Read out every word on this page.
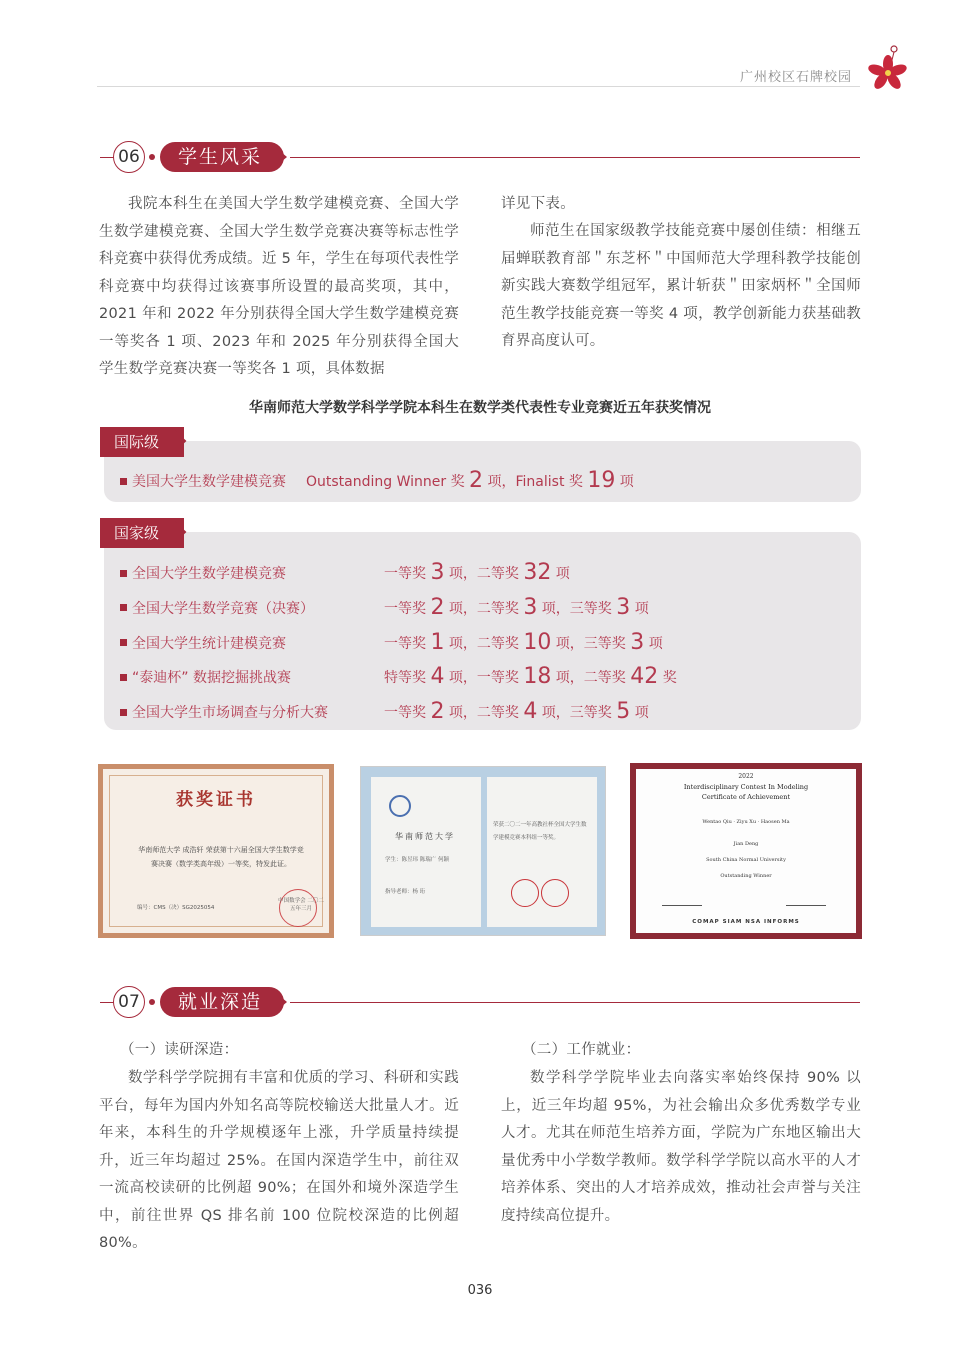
广州校区石牌校园
06	学生风采
我院本科生在美国大学生数学建模竞赛、全国大学生数学建模竞赛、全国大学生数学竞赛决赛等标志性学科竞赛中获得优秀成绩。近 5 年，学生在每项代表性学科竞赛中均获得过该赛事所设置的最高奖项，其中，2021 年和 2022 年分别获得全国大学生数学建模竞赛一等奖各 1 项、2023 年和 2025 年分别获得全国大学生数学竞赛决赛一等奖各 1 项，具体数据
详见下表。
师范生在国家级教学技能竞赛中屡创佳绩：相继五届蝉联教育部＂东芝杯＂中国师范大学理科教学技能创新实践大赛数学组冠军，累计斩获＂田家炳杯＂全国师范生教学技能竞赛一等奖 4 项，教学创新能力获基础教育界高度认可。
华南师范大学数学科学学院本科生在数学类代表性专业竞赛近五年获奖情况
国际级
美国大学生数学建模竞赛 Outstanding Winner 奖 2 项，Finalist 奖 19 项
国家级
全国大学生数学建模竞赛	一等奖 3 项，二等奖 32 项
全国大学生数学竞赛（决赛）	一等奖 2 项，二等奖 3 项，三等奖 3 项
全国大学生统计建模竞赛	一等奖 1 项，二等奖 10 项，三等奖 3 项
“泰迪杯” 数据挖掘挑战赛	特等奖 4 项，一等奖 18 项，二等奖 42 奖
全国大学生市场调查与分析大赛	一等奖 2 项，二等奖 4 项，三等奖 5 项
获奖证书
华南师范大学 成浩轩 荣获第十六届全国大学生数学竞赛决赛（数学类高年级）一等奖，特发此证。
编号：CMS（决）SG2025054
中国数学会 二〇二五年三月
华南师范大学
学生：陈昱玮 陈瑞广 何颖
指导老师：杨 珩
荣获二〇二一年高教社杯全国大学生数学建模竞赛本科组一等奖。
2022
Interdisciplinary Contest In Modeling
Certificate of Achievement
Wentao Qiu · Ziyu Xu · Haosen Ma
Jian Deng
South China Normal University
Outstanding Winner
COMAP SIAM NSA INFORMS
07	就业深造
（一）读研深造：
数学科学学院拥有丰富和优质的学习、科研和实践平台，每年为国内外知名高等院校输送大批量人才。近年来，本科生的升学规模逐年上涨，升学质量持续提升，近三年均超过 25%。在国内深造学生中，前往双一流高校读研的比例超 90%；在国外和境外深造学生中，前往世界 QS 排名前 100 位院校深造的比例超 80%。
（二）工作就业：
数学科学学院毕业去向落实率始终保持 90% 以上，近三年均超 95%，为社会输出众多优秀数学专业人才。尤其在师范生培养方面，学院为广东地区输出大量优秀中小学数学教师。数学科学学院以高水平的人才培养体系、突出的人才培养成效，推动社会声誉与关注度持续高位提升。
036
